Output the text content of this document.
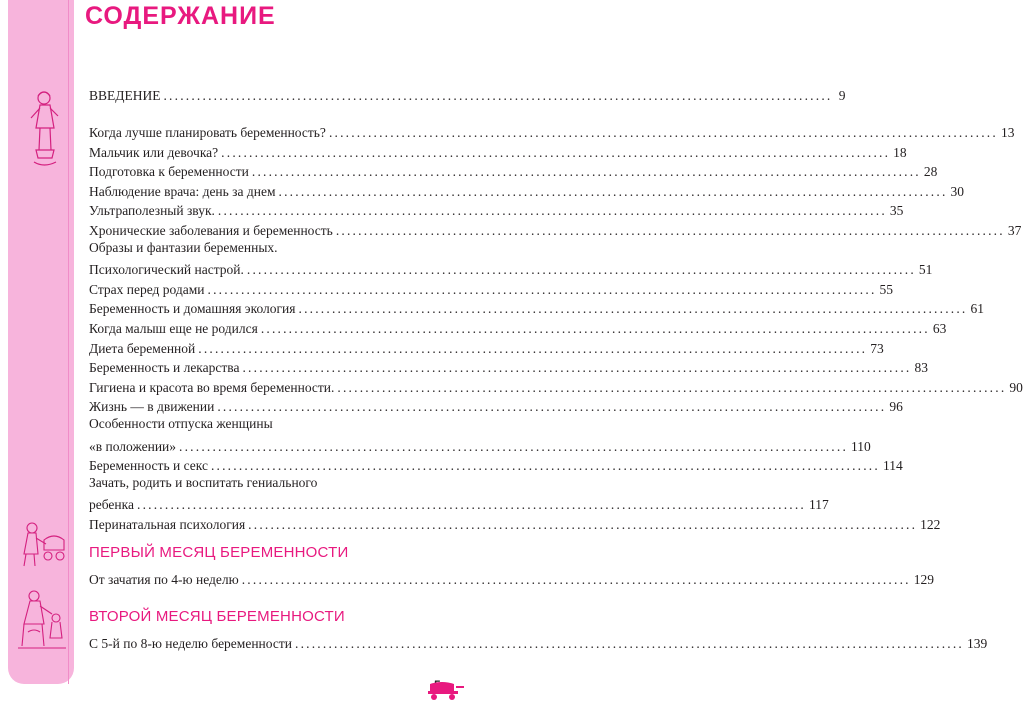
СОДЕРЖАНИЕ
ВВЕДЕНИЕ ........................................................................................................................ 9
Когда лучше планировать беременность? ........................................................................................................................ 13
Мальчик или девочка? ........................................................................................................................ 18
Подготовка к беременности ........................................................................................................................ 28
Наблюдение врача: день за днем ........................................................................................................................ 30
Ультраполезный звук. ........................................................................................................................ 35
Хронические заболевания и беременность ........................................................................................................................ 37
Образы и фантазии беременных.
Психологический настрой. ........................................................................................................................ 51
Страх перед родами ........................................................................................................................ 55
Беременность и домашняя экология ........................................................................................................................ 61
Когда малыш еще не родился ........................................................................................................................ 63
Диета беременной ........................................................................................................................ 73
Беременность и лекарства ........................................................................................................................ 83
Гигиена и красота во время беременности. ........................................................................................................................ 90
Жизнь — в движении ........................................................................................................................ 96
Особенности отпуска женщины
«в положении» ........................................................................................................................ 110
Беременность и секс ........................................................................................................................ 114
Зачать, родить и воспитать гениального
ребенка ........................................................................................................................ 117
Перинатальная психология ........................................................................................................................ 122
ПЕРВЫЙ МЕСЯЦ БЕРЕМЕННОСТИ
От зачатия по 4-ю неделю ........................................................................................................................ 129
ВТОРОЙ МЕСЯЦ БЕРЕМЕННОСТИ
С 5-й по 8-ю неделю беременности ........................................................................................................................ 139
